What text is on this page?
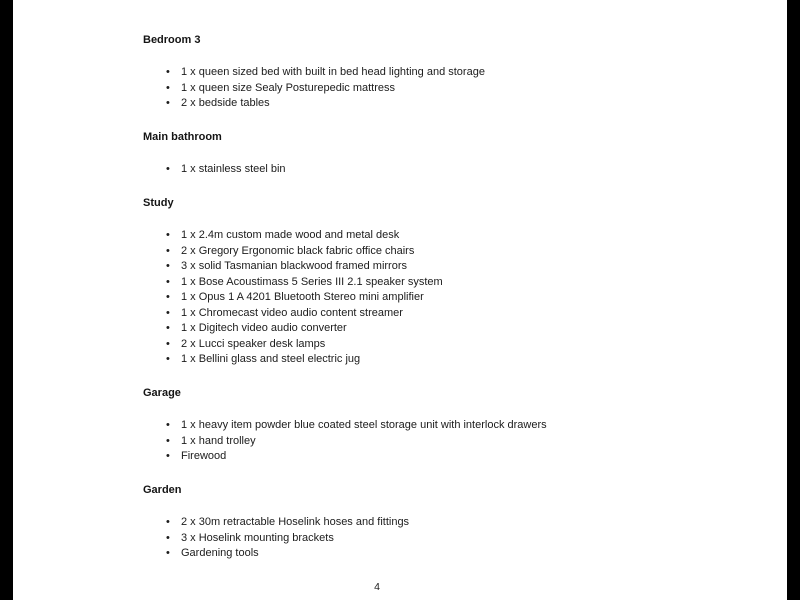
Bedroom 3
• 1 x queen sized bed with built in bed head lighting and storage
• 1 x queen size Sealy Posturepedic mattress
• 2 x bedside tables
Main bathroom
• 1 x stainless steel bin
Study
• 1 x 2.4m custom made wood and metal desk
• 2 x Gregory Ergonomic black fabric office chairs
• 3 x solid Tasmanian blackwood framed mirrors
• 1 x Bose Acoustimass 5 Series III 2.1 speaker system
• 1 x Opus 1 A 4201 Bluetooth Stereo mini amplifier
• 1 x Chromecast video audio content streamer
• 1 x Digitech video audio converter
• 2 x Lucci speaker desk lamps
• 1 x Bellini glass and steel electric jug
Garage
• 1 x heavy item powder blue coated steel storage unit with interlock drawers
• 1 x hand trolley
• Firewood
Garden
• 2 x 30m retractable Hoselink hoses and fittings
• 3 x Hoselink mounting brackets
• Gardening tools
4
